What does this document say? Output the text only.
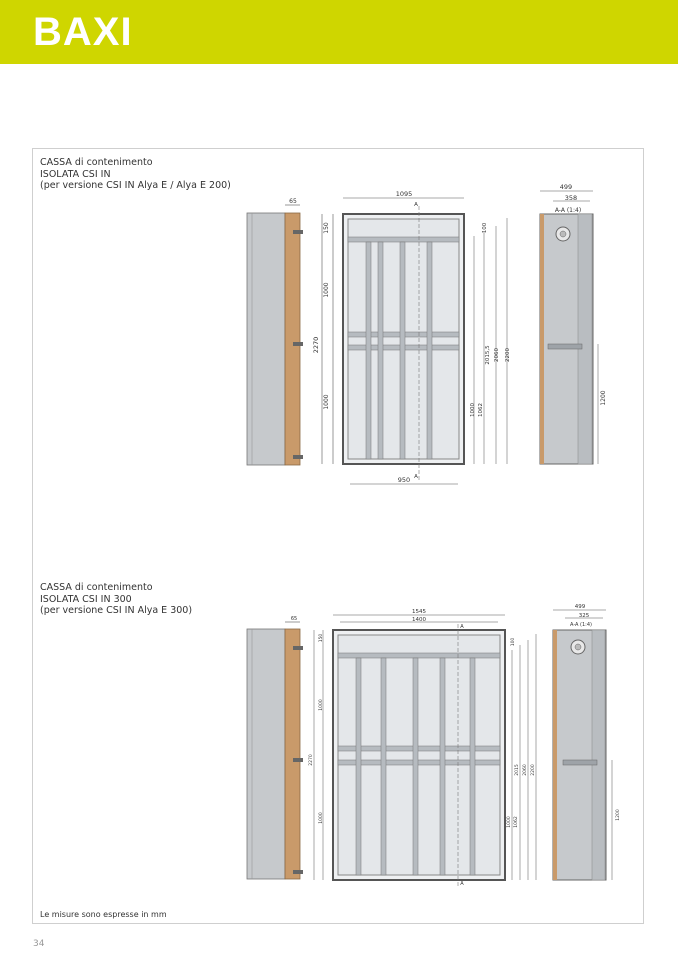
BAXI
CASSA di contenimento
ISOLATA CSI IN
(per versione CSI IN Alya E / Alya E 200)
CASSA di contenimento
ISOLATA CSI IN 300
(per versione CSI IN Alya E 300)
65
1095
A
950 A
150
1000
1000
2270
100
2015,5 2060 2200
1000 1062
499
358
A-A (1:4)
1200
65
1545
1400
A
A
150
1000
1000
2270
100
2015 2060 2200
1000 1062
499
325
A-A (1:4)
1200
Le misure sono espresse in mm
34
